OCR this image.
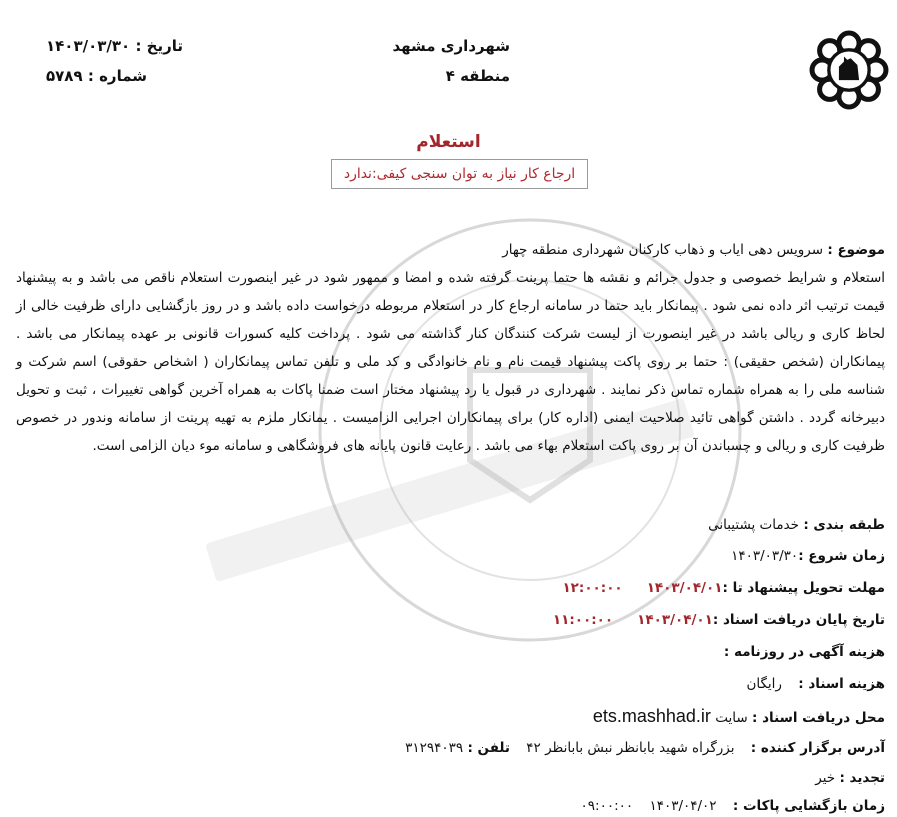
شهرداری مشهد
منطقه ۴
تاریخ : ۱۴۰۳/۰۳/۳۰
شماره : ۵۷۸۹
استعلام
ارجاع کار نیاز به توان سنجی کیفی:ندارد
موضوع : سرویس دهی ایاب و ذهاب کارکنان شهرداری منطقه چهار
استعلام و شرایط خصوصی و جدول جرائم و نقشه ها حتما پرینت گرفته شده و امضا و ممهور شود در غیر اینصورت استعلام ناقص می باشد و به پیشنهاد قیمت ترتیب اثر داده نمی شود . پیمانکار باید حتما در سامانه ارجاع کار در استعلام مربوطه درخواست داده باشد و در روز بازگشایی دارای ظرفیت خالی از لحاظ کاری و ریالی باشد در غیر اینصورت از لیست شرکت کنندگان کنار گذاشته می شود . پرداخت کلیه کسورات قانونی بر عهده پیمانکار می باشد . پیمانکاران (شخص حقیقی) : حتما بر روی پاکت پیشنهاد قیمت نام و نام خانوادگی و کد ملی و تلفن تماس پیمانکاران ( اشخاص حقوقی) اسم شرکت و شناسه ملی را به همراه شماره تماس ذکر نمایند . شهرداری در قبول یا رد پیشنهاد مختار است ضمنا پاکات به همراه آخرین گواهی تغییرات ، ثبت و تحویل دبیرخانه گردد . داشتن گواهی تائید صلاحیت ایمنی (اداره کار) برای پیمانکاران اجرایی الزامیست . یمانکار ملزم به تهیه پرینت از سامانه وندور در خصوص ظرفیت کاری و ریالی و چسباندن آن بر روی پاکت استعلام بهاء می باشد . رعایت قانون پایانه های فروشگاهی و سامانه موء دیان الزامی است.
طبقه بندی : خدمات پشتیبانی
زمان شروع :۱۴۰۳/۰۳/۳۰
مهلت تحویل پیشنهاد تا :۱۴۰۳/۰۴/۰۱۱۲:۰۰:۰۰
تاریخ پایان دریافت اسناد :۱۴۰۳/۰۴/۰۱۱۱:۰۰:۰۰
هزینه آگهی در روزنامه :
هزینه اسناد : رایگان
محل دریافت اسناد : سایت ets.mashhad.ir
آدرس برگزار کننده : بزرگراه شهید بابانظر نبش بابانظر ۴۲ تلفن : ۳۱۲۹۴۰۳۹
تجدید : خیر
زمان بازگشایی پاکات : ۱۴۰۳/۰۴/۰۲ ۰۹:۰۰:۰۰
